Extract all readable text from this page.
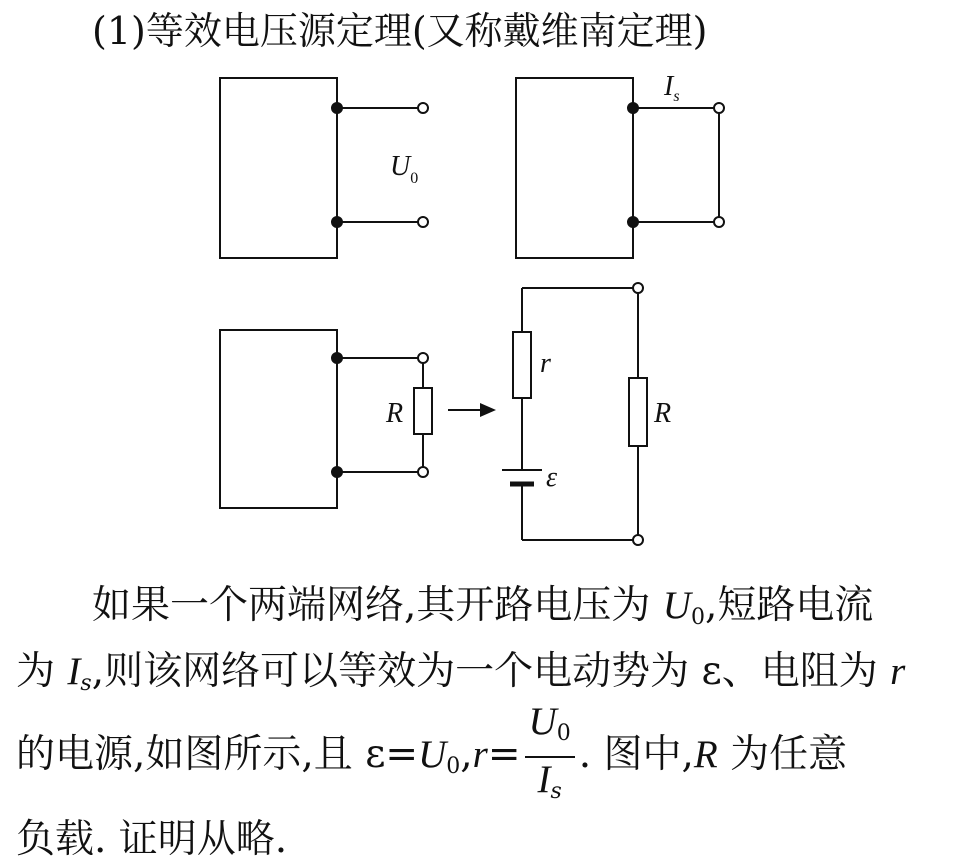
(1)等效电压源定理(又称戴维南定理)
$U_0$
$I_s$
R
r
ε
R
如果一个两端网络,其开路电压为 $U_0$,短路电流
为 Is,则该网络可以等效为一个电动势为 ε、电阻为 r
的电源,如图所示,且 $\varepsilon=U_0,r= \frac{U_0}{Is}$ . 图中,R 为任意
负载. 证明从略.
